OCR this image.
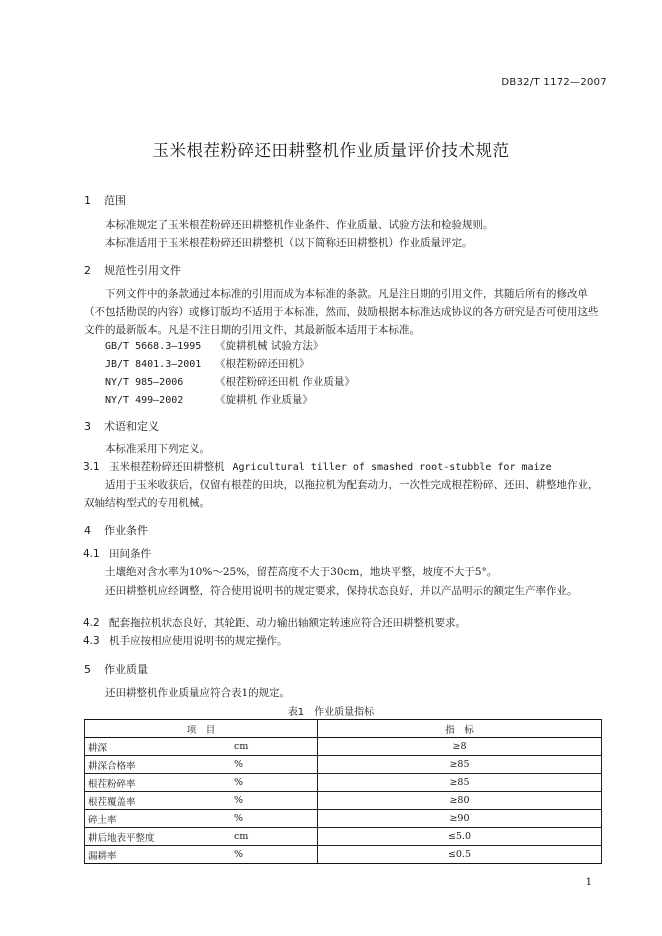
DB32/T 1172—2007
玉米根茬粉碎还田耕整机作业质量评价技术规范
1 范围
本标准规定了玉米根茬粉碎还田耕整机作业条件、作业质量、试验方法和检验规则。
本标准适用于玉米根茬粉碎还田耕整机（以下简称还田耕整机）作业质量评定。
2 规范性引用文件
下列文件中的条款通过本标准的引用而成为本标准的条款。凡是注日期的引用文件，其随后所有的修改单（不包括勘误的内容）或修订版均不适用于本标准，然而，鼓励根据本标准达成协议的各方研究是否可使用这些文件的最新版本。凡是不注日期的引用文件，其最新版本适用于本标准。
GB/T 5668.3—1995 《旋耕机械 试验方法》
JB/T 8401.3—2001 《根茬粉碎还田机》
NY/T 985—2006	《根茬粉碎还田机 作业质量》
NY/T 499—2002	《旋耕机 作业质量》
3 术语和定义
本标准采用下列定义。
3.1 玉米根茬粉碎还田耕整机 Agricultural tiller of smashed root-stubble for maize
适用于玉米收获后，仅留有根茬的田块，以拖拉机为配套动力，一次性完成根茬粉碎、还田、耕整地作业，双轴结构型式的专用机械。
4 作业条件
4.1 田间条件
土壤绝对含水率为10%～25%，留茬高度不大于30cm，地块平整，坡度不大于5°。
还田耕整机应经调整，符合使用说明书的规定要求，保持状态良好，并以产品明示的额定生产率作业。
4.2 配套拖拉机状态良好，其轮距、动力输出轴额定转速应符合还田耕整机要求。
4.3 机手应按相应使用说明书的规定操作。
5 作业质量
还田耕整机作业质量应符合表1的规定。
表1　作业质量指标
项　目		指　标
耕深	cm	≥8
耕深合格率	%	≥85
根茬粉碎率	%	≥85
根茬覆盖率	%	≥80
碎土率	%	≥90
耕后地表平整度	cm	≤5.0
漏耕率	%	≤0.5
1
